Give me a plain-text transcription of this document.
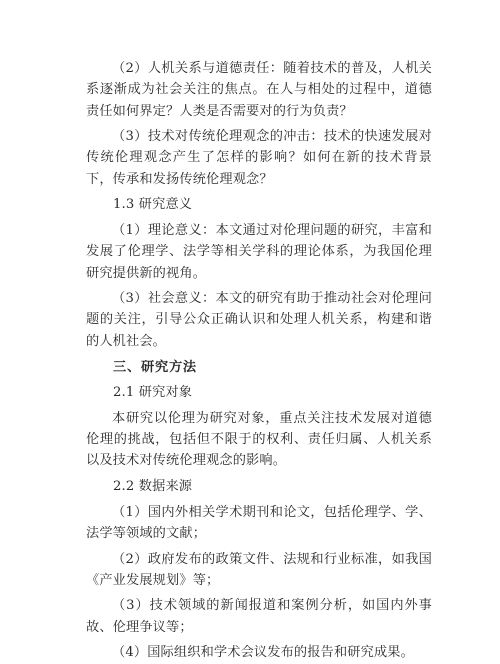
（2）人机关系与道德责任：随着技术的普及，人机关系逐渐成为社会关注的焦点。在人与相处的过程中，道德责任如何界定？人类是否需要对的行为负责？

（3）技术对传统伦理观念的冲击：技术的快速发展对传统伦理观念产生了怎样的影响？如何在新的技术背景下，传承和发扬传统伦理观念？

1.3 研究意义

（1）理论意义：本文通过对伦理问题的研究，丰富和发展了伦理学、法学等相关学科的理论体系，为我国伦理研究提供新的视角。

（3）社会意义：本文的研究有助于推动社会对伦理问题的关注，引导公众正确认识和处理人机关系，构建和谐的人机社会。

三、研究方法

2.1 研究对象

本研究以伦理为研究对象，重点关注技术发展对道德伦理的挑战，包括但不限于的权利、责任归属、人机关系以及技术对传统伦理观念的影响。

2.2 数据来源

（1）国内外相关学术期刊和论文，包括伦理学、学、法学等领域的文献；

（2）政府发布的政策文件、法规和行业标准，如我国《产业发展规划》等；

（3）技术领域的新闻报道和案例分析，如国内外事故、伦理争议等；

（4）国际组织和学术会议发布的报告和研究成果。
